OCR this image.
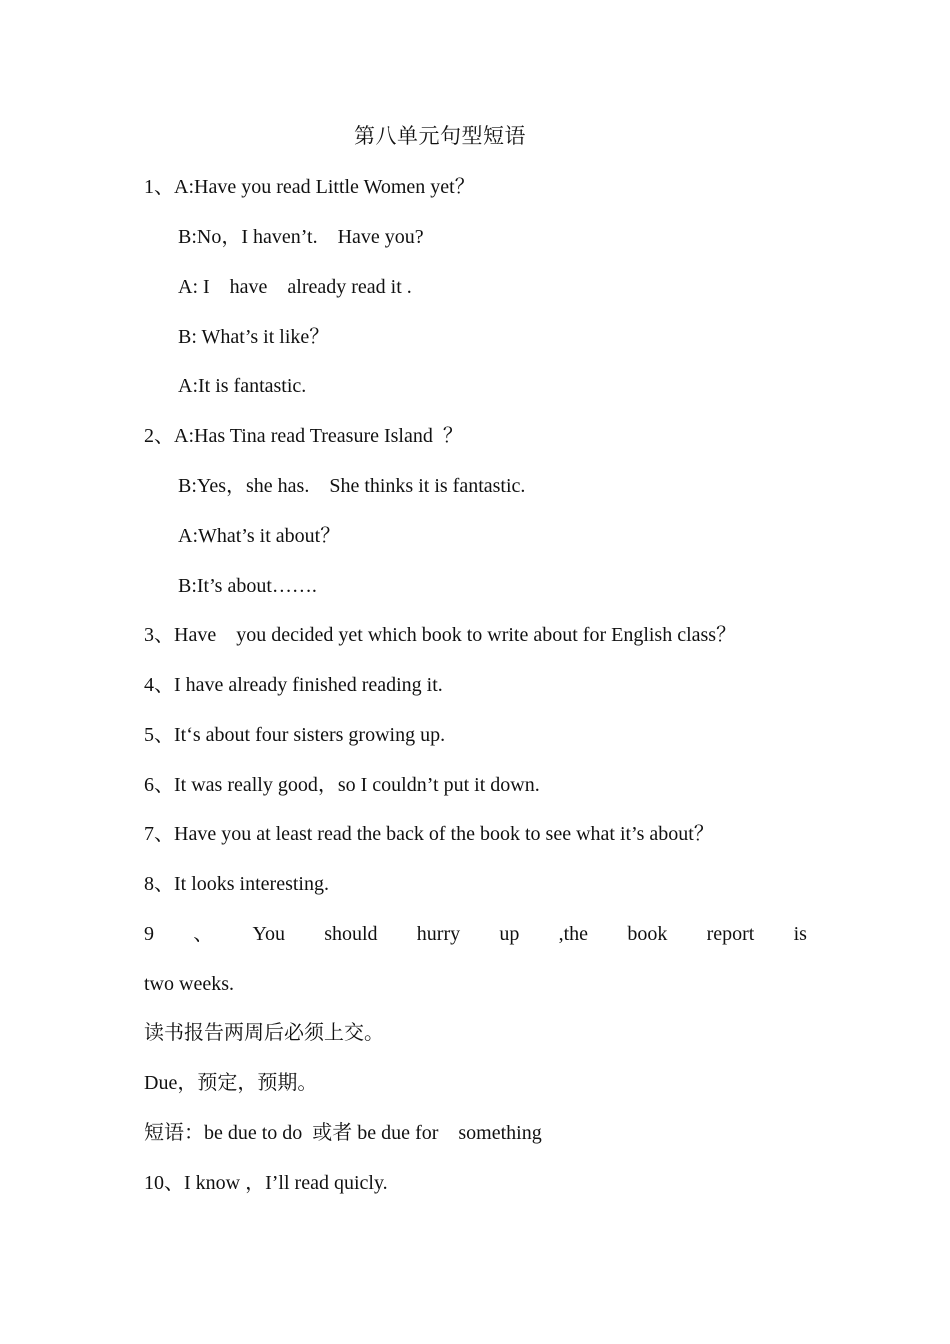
第八单元句型短语
1、A:Have you read Little Women yet？
B:No，I haven’t.    Have you?
A: I    have    already read it .
B: What’s it like？
A:It is fantastic.
2、A:Has Tina read Treasure Island  ？
B:Yes，she has.    She thinks it is fantastic.
A:What’s it about？
B:It’s about…….
3、Have    you decided yet which book to write about for English class？
4、I have already finished reading it.
5、It‘s about four sisters growing up.
6、It was really good，so I couldn’t put it down.
7、Have you at least read the back of the book to see what it’s about？
8、It looks interesting.
9 、 You should hurry up ,the book report is
two weeks.
读书报告两周后必须上交。
Due，预定，预期。
短语：be due to do  或者 be due for    something
10、I know ，I’ll read quicly.
